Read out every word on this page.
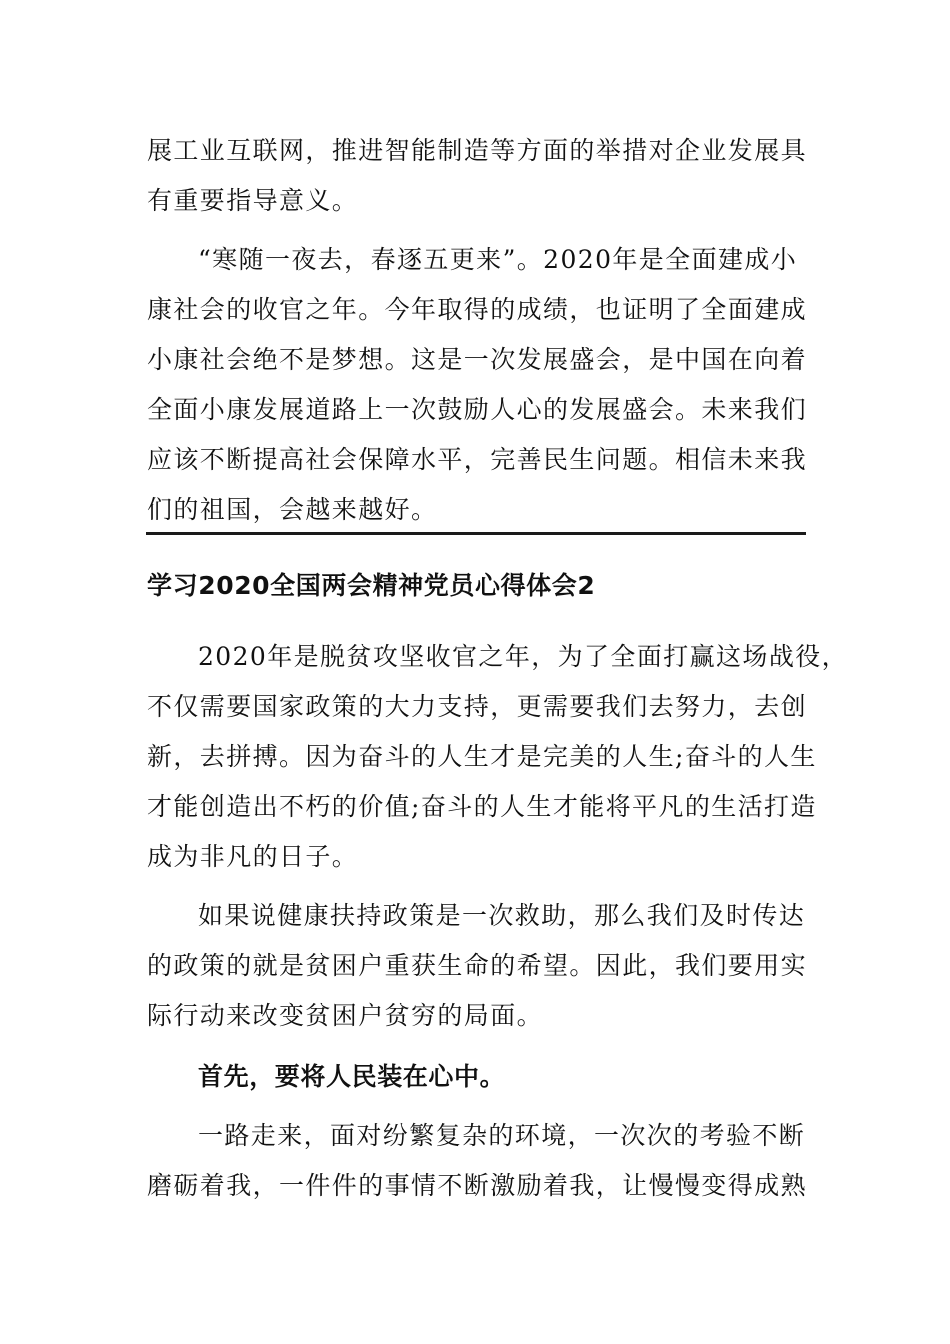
展工业互联网，推进智能制造等方面的举措对企业发展具
有重要指导意义。
“寒随一夜去，春逐五更来”。2020年是全面建成小
康社会的收官之年。今年取得的成绩，也证明了全面建成
小康社会绝不是梦想。这是一次发展盛会，是中国在向着
全面小康发展道路上一次鼓励人心的发展盛会。未来我们
应该不断提高社会保障水平，完善民生问题。相信未来我
们的祖国，会越来越好。
学习2020全国两会精神党员心得体会2
2020年是脱贫攻坚收官之年，为了全面打赢这场战役，
不仅需要国家政策的大力支持，更需要我们去努力，去创
新，去拼搏。因为奋斗的人生才是完美的人生;奋斗的人生
才能创造出不朽的价值;奋斗的人生才能将平凡的生活打造
成为非凡的日子。
如果说健康扶持政策是一次救助，那么我们及时传达
的政策的就是贫困户重获生命的希望。因此，我们要用实
际行动来改变贫困户贫穷的局面。
首先，要将人民装在心中。
一路走来，面对纷繁复杂的环境，一次次的考验不断
磨砺着我，一件件的事情不断激励着我，让慢慢变得成熟
